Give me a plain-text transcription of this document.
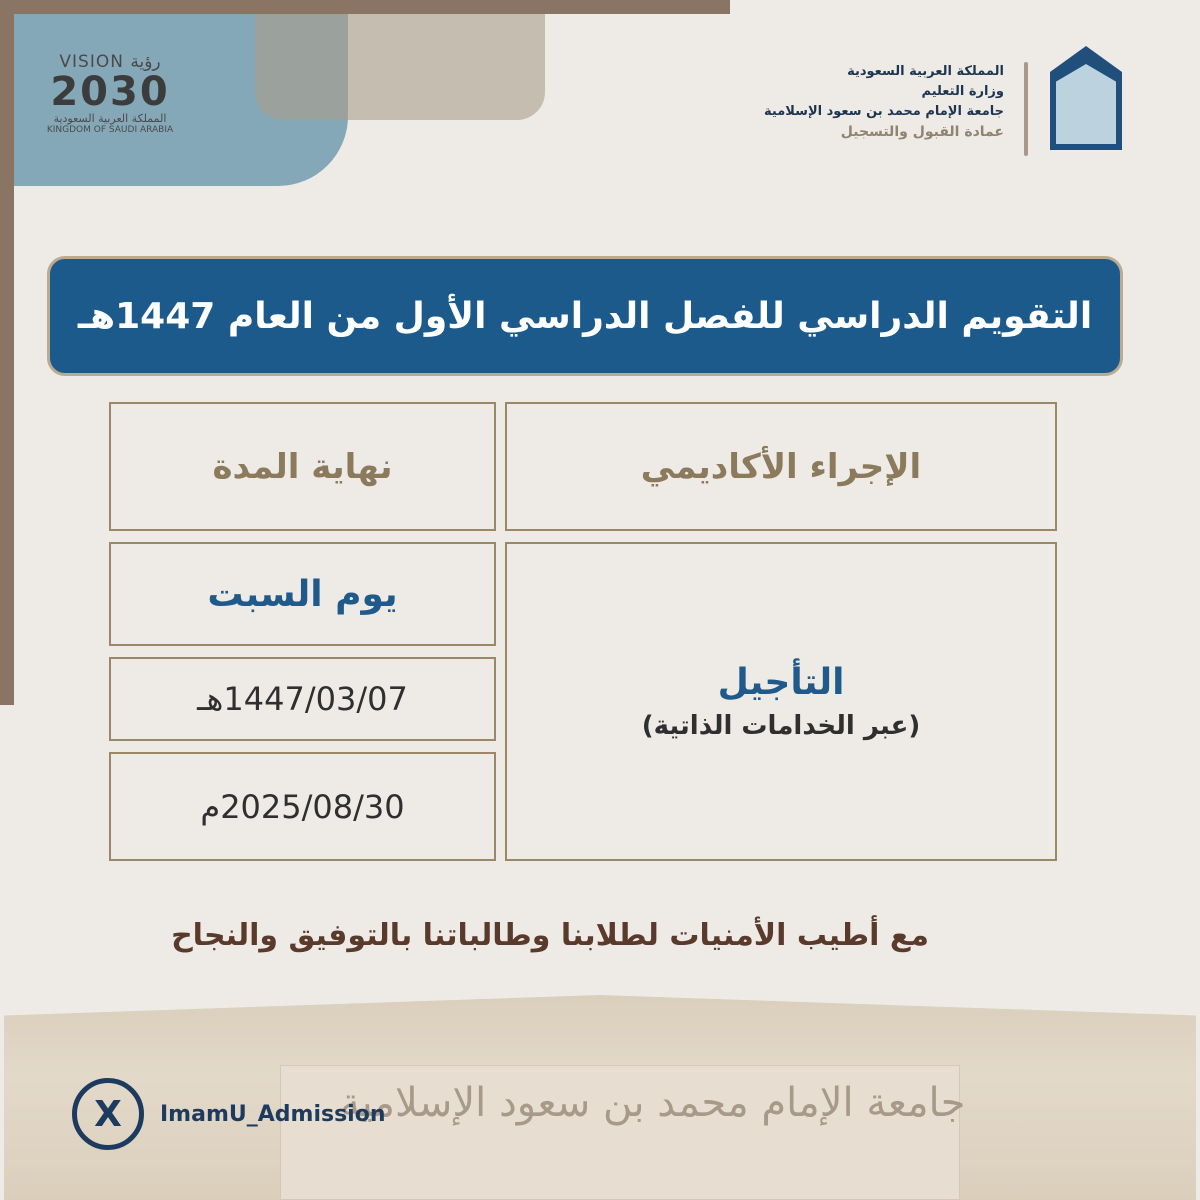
VISION رؤية
2030
المملكة العربية السعودية
KINGDOM OF SAUDI ARABIA
المملكة العربية السعودية
وزارة التعليم
جامعة الإمام محمد بن سعود الإسلامية
عمادة القبول والتسجيل
التقويم الدراسي للفصل الدراسي الأول من العام 1447هـ
الإجراء الأكاديمي
نهاية المدة
التأجيل
(عبر الخدامات الذاتية)
يوم السبت
1447/03/07هـ
2025/08/30م
مع أطيب الأمنيات لطلابنا وطالباتنا بالتوفيق والنجاح
جامعة الإمام محمد بن سعود الإسلامية
X	ImamU_Admission
